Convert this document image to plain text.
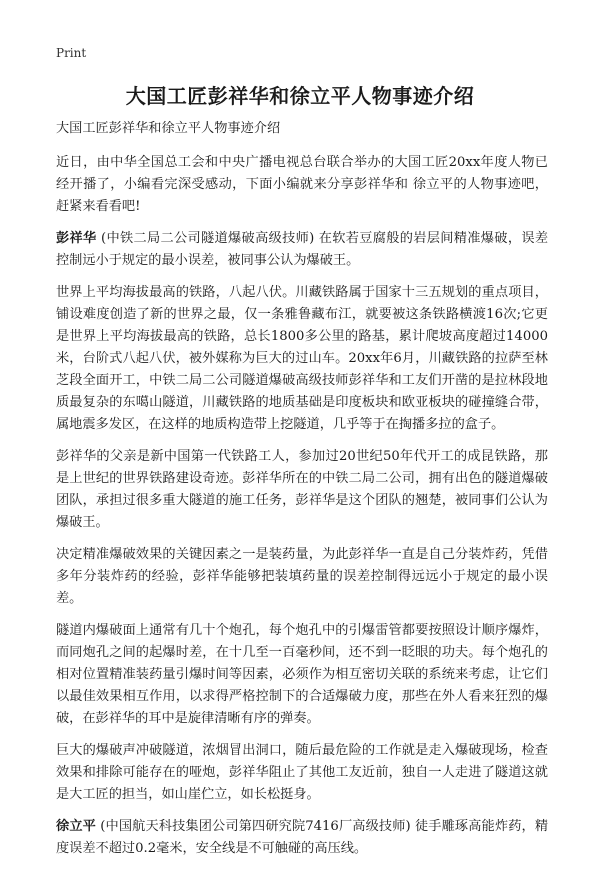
Print
大国工匠彭祥华和徐立平人物事迹介绍

大国工匠彭祥华和徐立平人物事迹介绍

近日，由中华全国总工会和中央广播电视总台联合举办的大国工匠20xx年度人物已经开播了，小编看完深受感动，下面小编就来分享彭祥华和 徐立平的人物事迹吧，赶紧来看看吧!

彭祥华 (中铁二局二公司隧道爆破高级技师) 在软若豆腐般的岩层间精准爆破，误差控制远小于规定的最小误差，被同事公认为爆破王。

世界上平均海拔最高的铁路，八起八伏。川藏铁路属于国家十三五规划的重点项目，铺设难度创造了新的世界之最，仅一条雅鲁藏布江，就要被这条铁路横渡16次;它更是世界上平均海拔最高的铁路，总长1800多公里的路基，累计爬坡高度超过14000米，台阶式八起八伏，被外媒称为巨大的过山车。20xx年6月，川藏铁路的拉萨至林芝段全面开工，中铁二局二公司隧道爆破高级技师彭祥华和工友们开凿的是拉林段地质最复杂的东噶山隧道，川藏铁路的地质基础是印度板块和欧亚板块的碰撞缝合带，属地震多发区，在这样的地质构造带上挖隧道，几乎等于在掏播多拉的盒子。

彭祥华的父亲是新中国第一代铁路工人，参加过20世纪50年代开工的成昆铁路，那是上世纪的世界铁路建设奇迹。彭祥华所在的中铁二局二公司，拥有出色的隧道爆破团队，承担过很多重大隧道的施工任务，彭祥华是这个团队的翘楚，被同事们公认为爆破王。

决定精准爆破效果的关键因素之一是装药量，为此彭祥华一直是自己分装炸药，凭借多年分装炸药的经验，彭祥华能够把装填药量的误差控制得远远小于规定的最小误差。

隧道内爆破面上通常有几十个炮孔，每个炮孔中的引爆雷管都要按照设计顺序爆炸，而同炮孔之间的起爆时差，在十几至一百毫秒间，还不到一眨眼的功夫。每个炮孔的相对位置精准装药量引爆时间等因素，必须作为相互密切关联的系统来考虑，让它们以最佳效果相互作用，以求得严格控制下的合适爆破力度，那些在外人看来狂烈的爆破，在彭祥华的耳中是旋律清晰有序的弹奏。

巨大的爆破声冲破隧道，浓烟冒出洞口，随后最危险的工作就是走入爆破现场，检查效果和排除可能存在的哑炮，彭祥华阻止了其他工友近前，独自一人走进了隧道这就是大工匠的担当，如山崖伫立，如长松挺身。

徐立平 (中国航天科技集团公司第四研究院7416厂高级技师) 徒手雕琢高能炸药，精度误差不超过0.2毫米，安全线是不可触碰的高压线。
